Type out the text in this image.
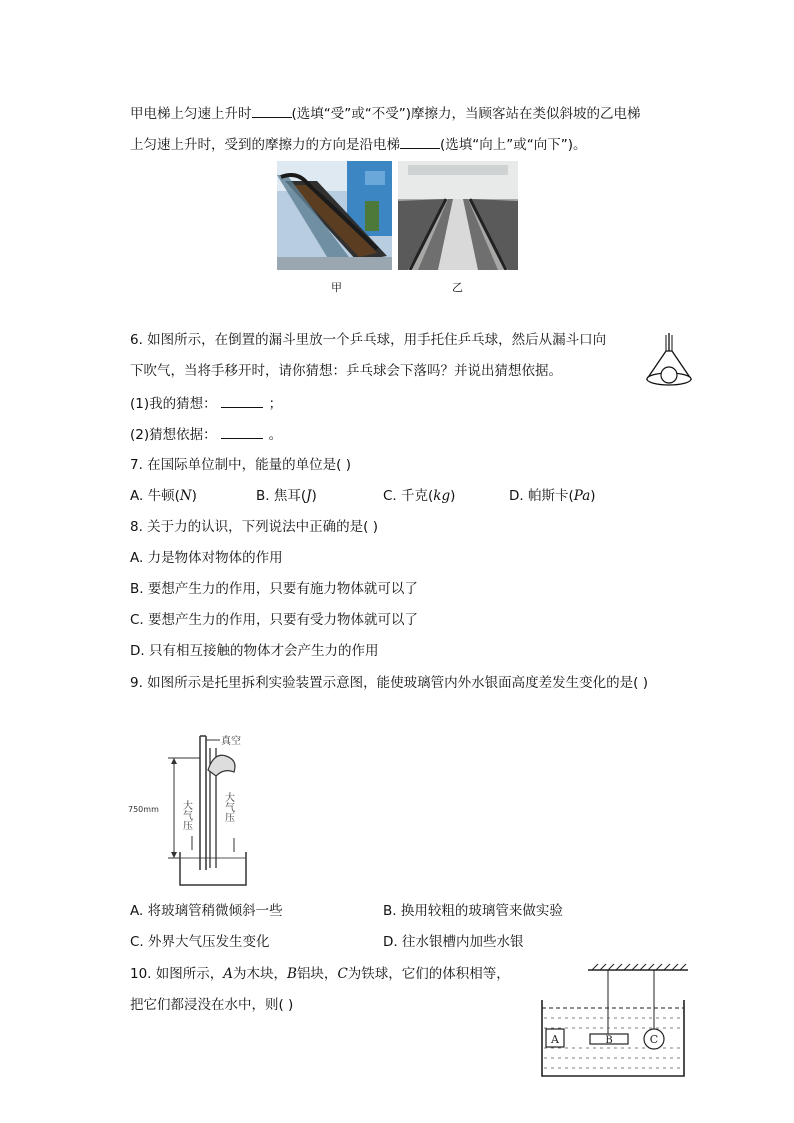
甲电梯上匀速上升时	(选填“受”或“不受”)摩擦力，当顾客站在类似斜坡的乙电梯
上匀速上升时，受到的摩擦力的方向是沿电梯	(选填“向上”或“向下”)。
甲	乙
6. 如图所示，在倒置的漏斗里放一个乒乓球，用手托住乒乓球，然后从漏斗口向
下吹气，当将手移开时，请你猜想：乒乓球会下落吗？并说出猜想依据。
(1)我的猜想：	；
(2)猜想依据：	。
7. 在国际单位制中，能量的单位是( )
A. 牛顿(N)	B. 焦耳(J)	C. 千克(kg)	D. 帕斯卡(Pa)
8. 关于力的认识，下列说法中正确的是( )
A. 力是物体对物体的作用
B. 要想产生力的作用，只要有施力物体就可以了
C. 要想产生力的作用，只要有受力物体就可以了
D. 只有相互接触的物体才会产生力的作用
9. 如图所示是托里拆利实验装置示意图，能使玻璃管内外水银面高度差发生变化的是( )
真空
750mm 大气压	大气压
A. 将玻璃管稍微倾斜一些	B. 换用较粗的玻璃管来做实验
C. 外界大气压发生变化	D. 往水银槽内加些水银
10. 如图所示，A为木块，B铝块，C为铁球，它们的体积相等，
把它们都浸没在水中，则( )
A	B	C
